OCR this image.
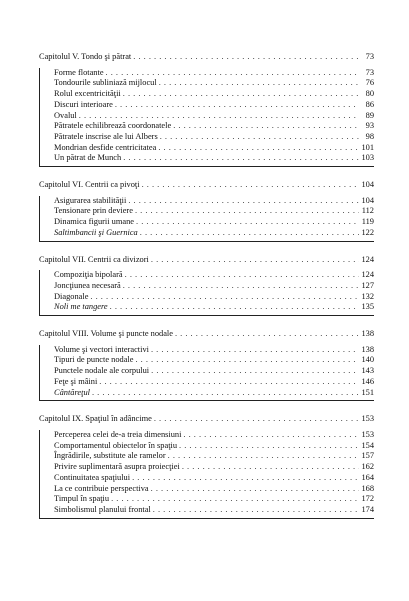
Capitolul V. Tondo şi pătrat . . .	73
Forme flotante . . .	73
Tondourile subliniază mijlocul . . .	76
Rolul excentricităţii . . .	80
Discuri interioare . . .	86
Ovalul . . .	89
Pătratele echilibrează coordonatele . . .	93
Pătratele inscrise ale lui Albers . . .	98
Mondrian desfide centricitatea . . .	101
Un pătrat de Munch . . .	103
Capitolul VI. Centrii ca pivoţi . . .	104
Asigurarea stabilităţii . . .	104
Tensionare prin deviere . . .	112
Dinamica figurii umane . . .	119
Saltimbancii şi Guernica . . .	122
Capitolul VII. Centrii ca divizori . . .	124
Compoziţia bipolară . . .	124
Joncţiunea necesară . . .	127
Diagonale . . .	132
Noli me tangere . . .	135
Capitolul VIII. Volume şi puncte nodale . . .	138
Volume şi vectori interactivi . . .	138
Tipuri de puncte nodale . . .	140
Punctele nodale ale corpului . . .	143
Feţe şi mâini . . .	146
Cântăreţul . . .	151
Capitolul IX. Spaţiul în adâncime . . .	153
Perceperea celei de-a treia dimensiuni . . .	153
Comportamentul obiectelor în spaţiu . . .	154
Îngrădirile, substitute ale ramelor . . .	157
Privire suplimentară asupra proiecţiei . . .	162
Continuitatea spaţiului . . .	164
La ce contribuie perspectiva . . .	168
Timpul în spaţiu . . .	172
Simbolismul planului frontal . . .	174
